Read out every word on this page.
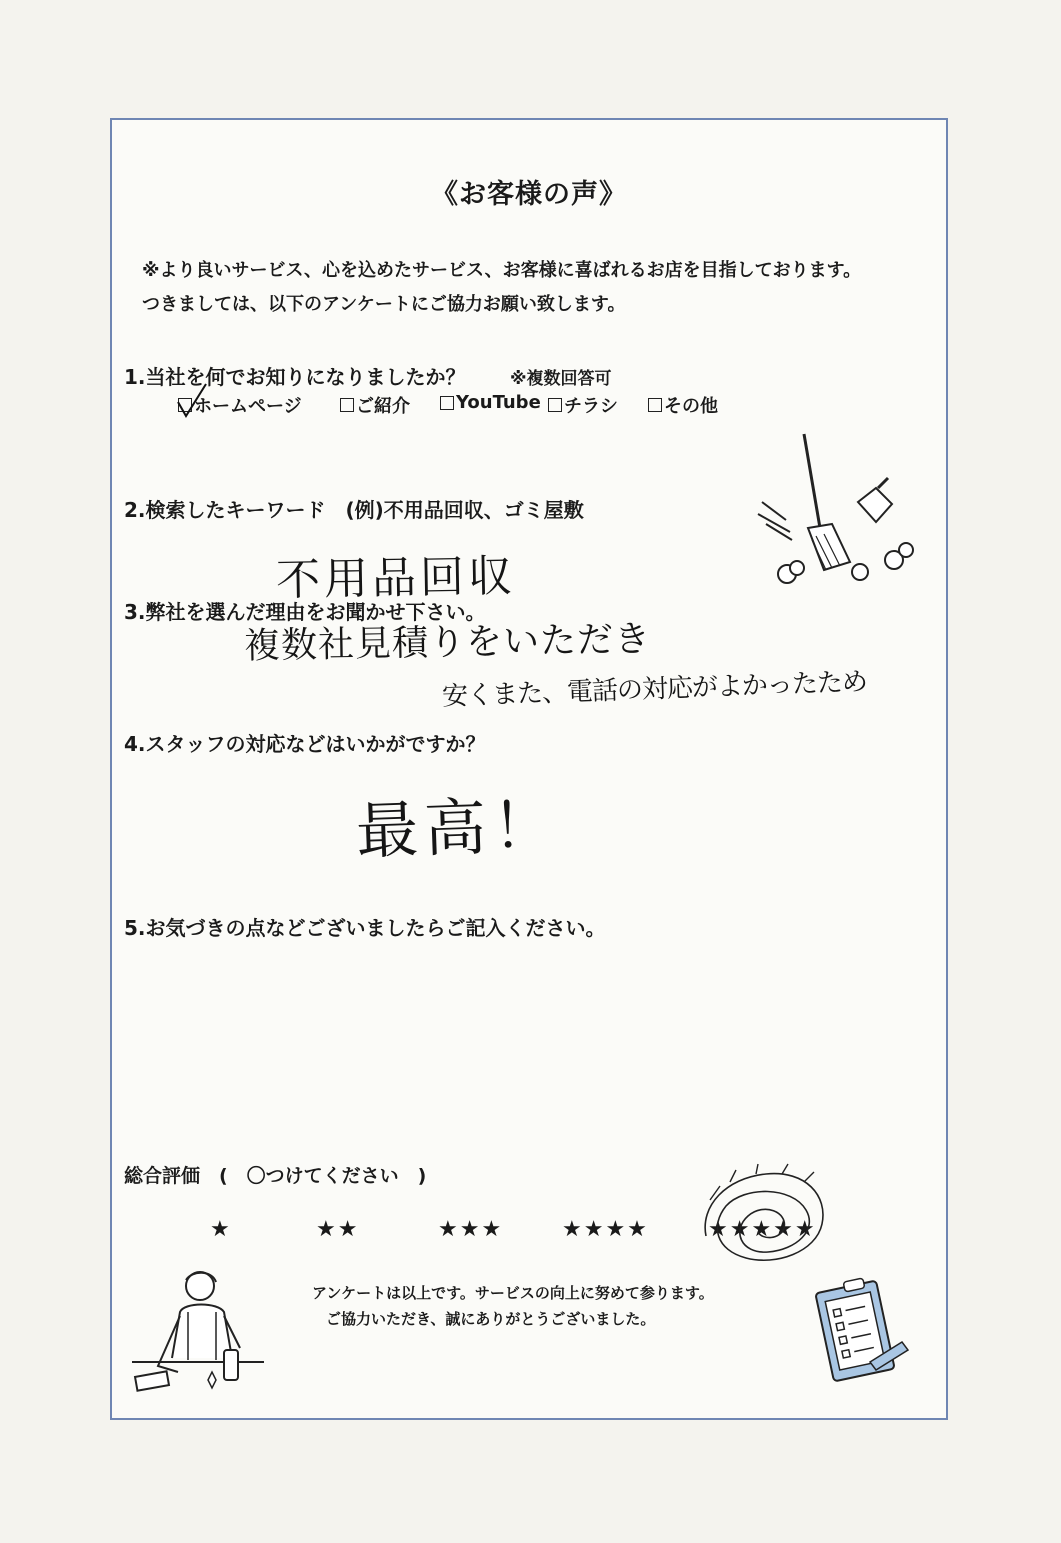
《お客様の声》
※より良いサービス、心を込めたサービス、お客様に喜ばれるお店を目指しております。
つきましては、以下のアンケートにご協力お願い致します。
1.当社を何でお知りになりましたか？	※複数回答可
ホームページ	ご紹介	YouTube チラシ	その他
2.検索したキーワード　(例)不用品回収、ゴミ屋敷
不用品回収
3.弊社を選んだ理由をお聞かせ下さい。
複数社見積りをいただき
安くまた、電話の対応がよかったため
4.スタッフの対応などはいかがですか？
最高！
5.お気づきの点などございましたらご記入ください。
総合評価　(　〇つけてください　)
★	★★	★★★	★★★★	★★★★★
アンケートは以上です。サービスの向上に努めて参ります。
ご協力いただき、誠にありがとうございました。
